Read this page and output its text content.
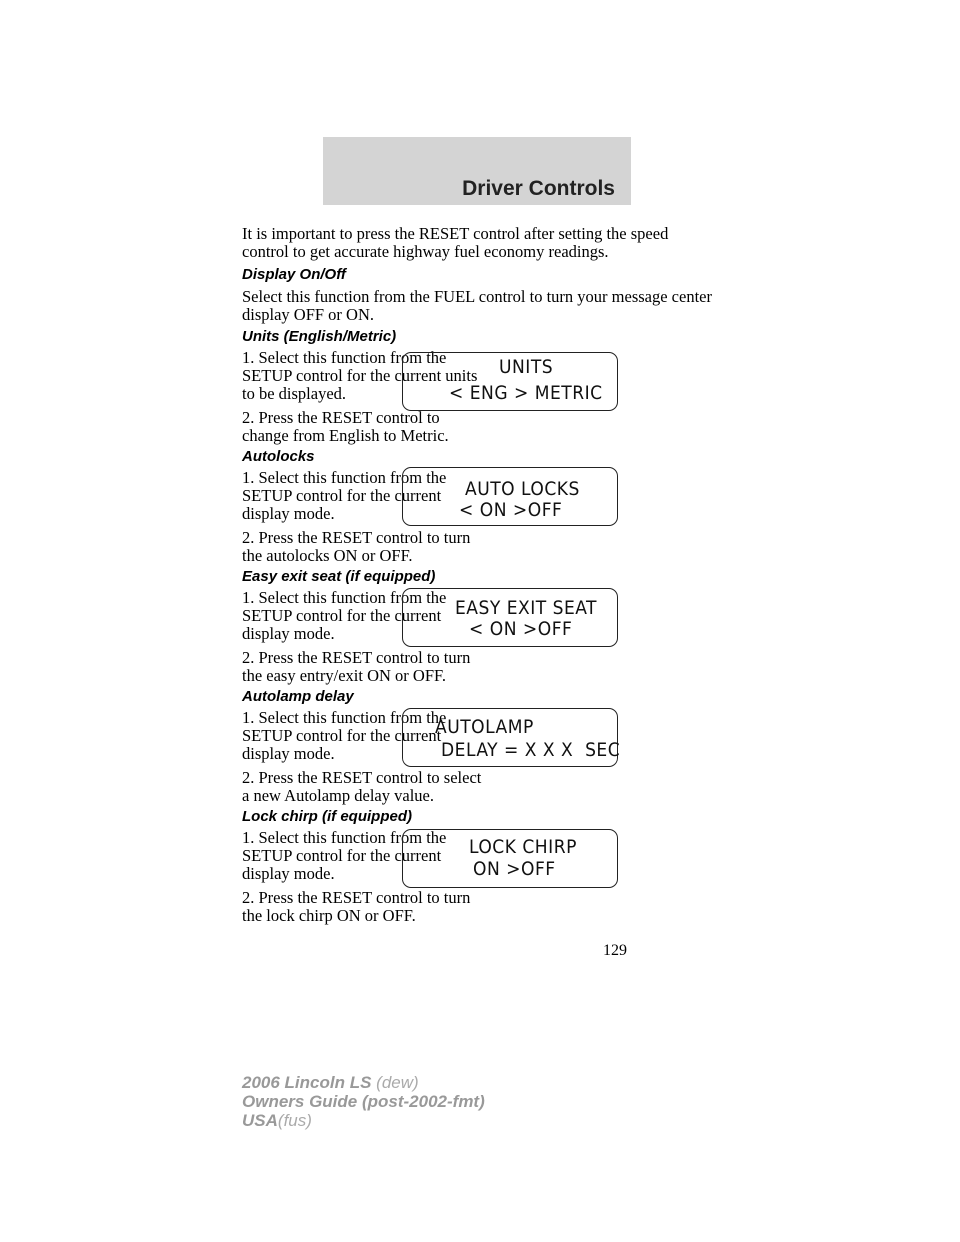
Driver Controls

It is important to press the RESET control after setting the speed

control to get accurate highway fuel economy readings.

Display On/Off

Select this function from the FUEL control to turn your message center

display OFF or ON.

Units (English/Metric)

1. Select this function from the

SETUP control for the current units

to be displayed.

2. Press the RESET control to

change from English to Metric.

UNITS
< ENG > METRIC
Autolocks

1. Select this function from the

SETUP control for the current

display mode.

2. Press the RESET control to turn

the autolocks ON or OFF.

AUTO LOCKS
< ON >OFF
Easy exit seat (if equipped)

1. Select this function from the

SETUP control for the current

display mode.

2. Press the RESET control to turn

the easy entry/exit ON or OFF.

EASY EXIT SEAT
< ON >OFF
Autolamp delay

1. Select this function from the

SETUP control for the current

display mode.

2. Press the RESET control to select

a new Autolamp delay value.

AUTOLAMP
DELAY = X X X  SEC
Lock chirp (if equipped)

1. Select this function from the

SETUP control for the current

display mode.

2. Press the RESET control to turn

the lock chirp ON or OFF.

LOCK CHIRP
ON >OFF
129
2006 Lincoln LS (dew)
Owners Guide (post-2002-fmt)
USA(fus)
